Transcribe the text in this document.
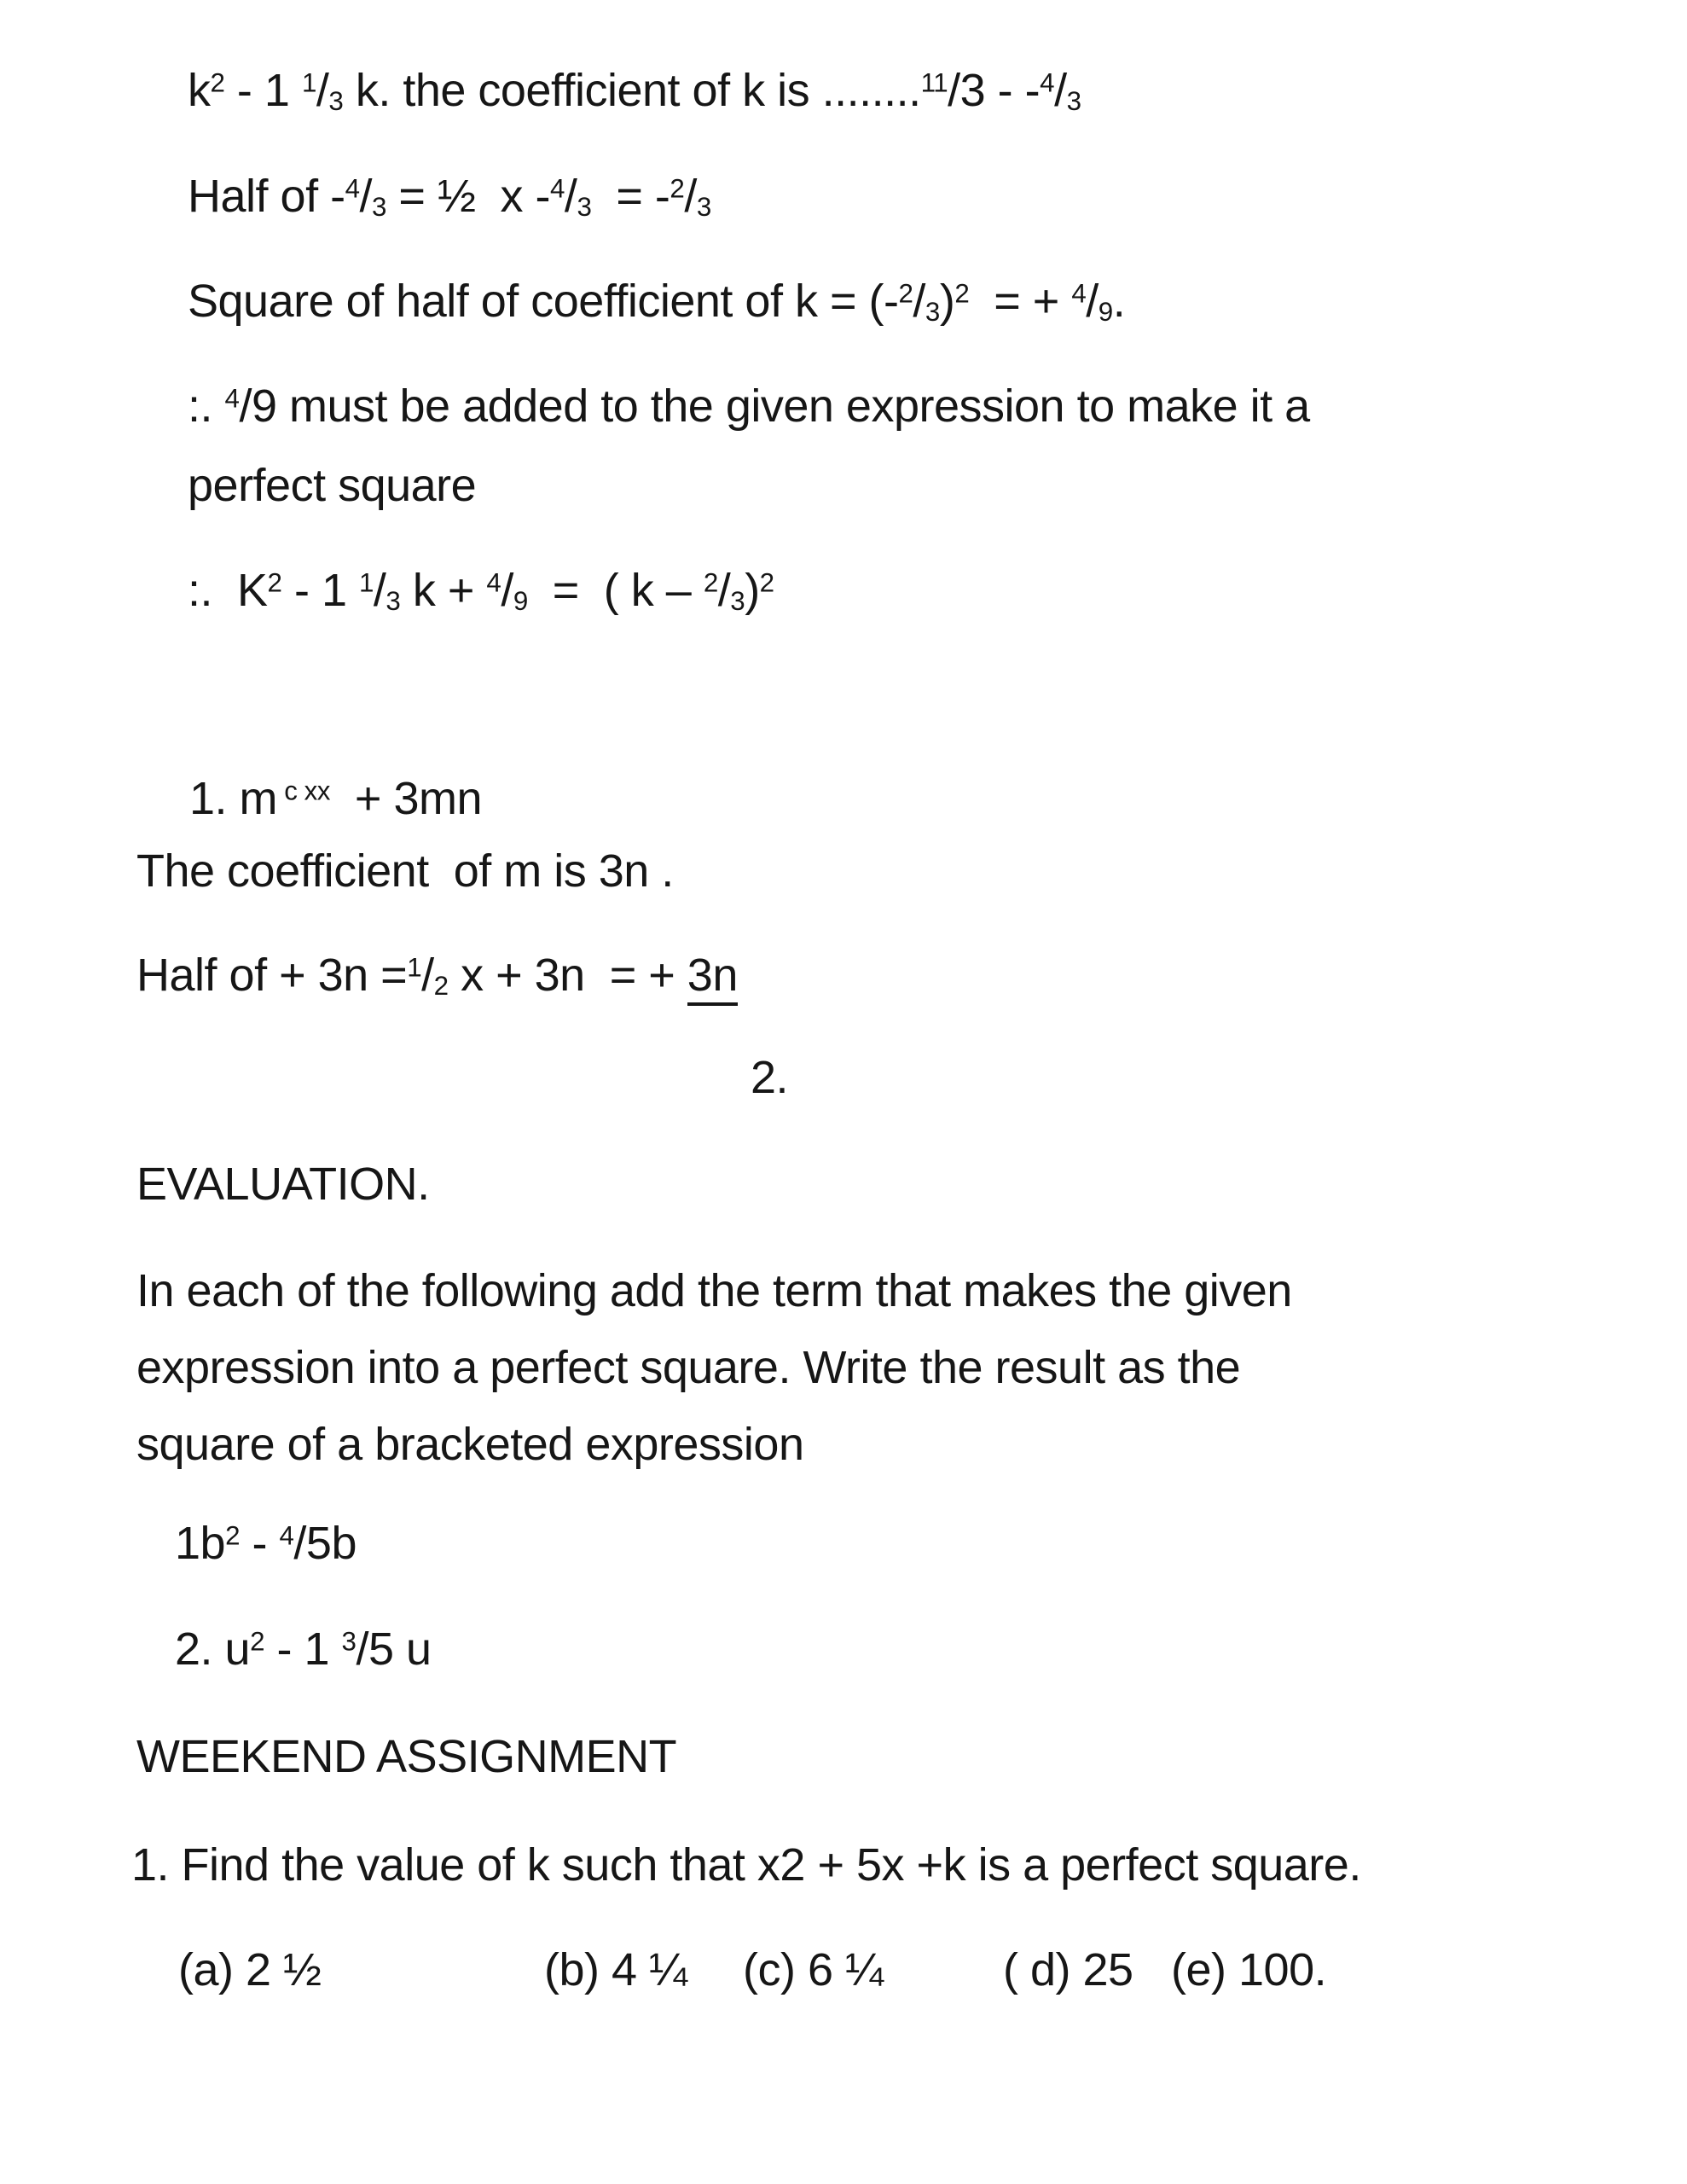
$k^2 - 1$ $^1$/3 k. the coefficient of k is ........$^{11}$/3 - -$^4$/3
Half of -$^4$/3 = ½  x -$^4$/3  = -$^2$/3
Square of half of coefficient of $k = (-^2/3)^2$  = + $^4$/9.
:. $^4$/9 must be added to the given expression to make it a
perfect square
:.  $K^2 - 1$ $^1$/3 k + $^4$/9  =  ( k – $^2$/3)$^2$
1. m $^{c xx}$  + 3mn
The coefficient  of m is 3n .
Half of + 3n =$^1$/2 x + 3n  = + 3n
2.
EVALUATION.
In each of the following add the term that makes the given
expression into a perfect square. Write the result as the
square of a bracketed expression
$1b^2 - ^4/5b$
2. $u^2 - 1$ $^3$/5 u
WEEKEND ASSIGNMENT
1. Find the value of k such that x2 + 5x +k is a perfect square.
(a) 2 ½	(b) 4 ¼ (c) 6 ¼	( d) 25 (e) 100.
